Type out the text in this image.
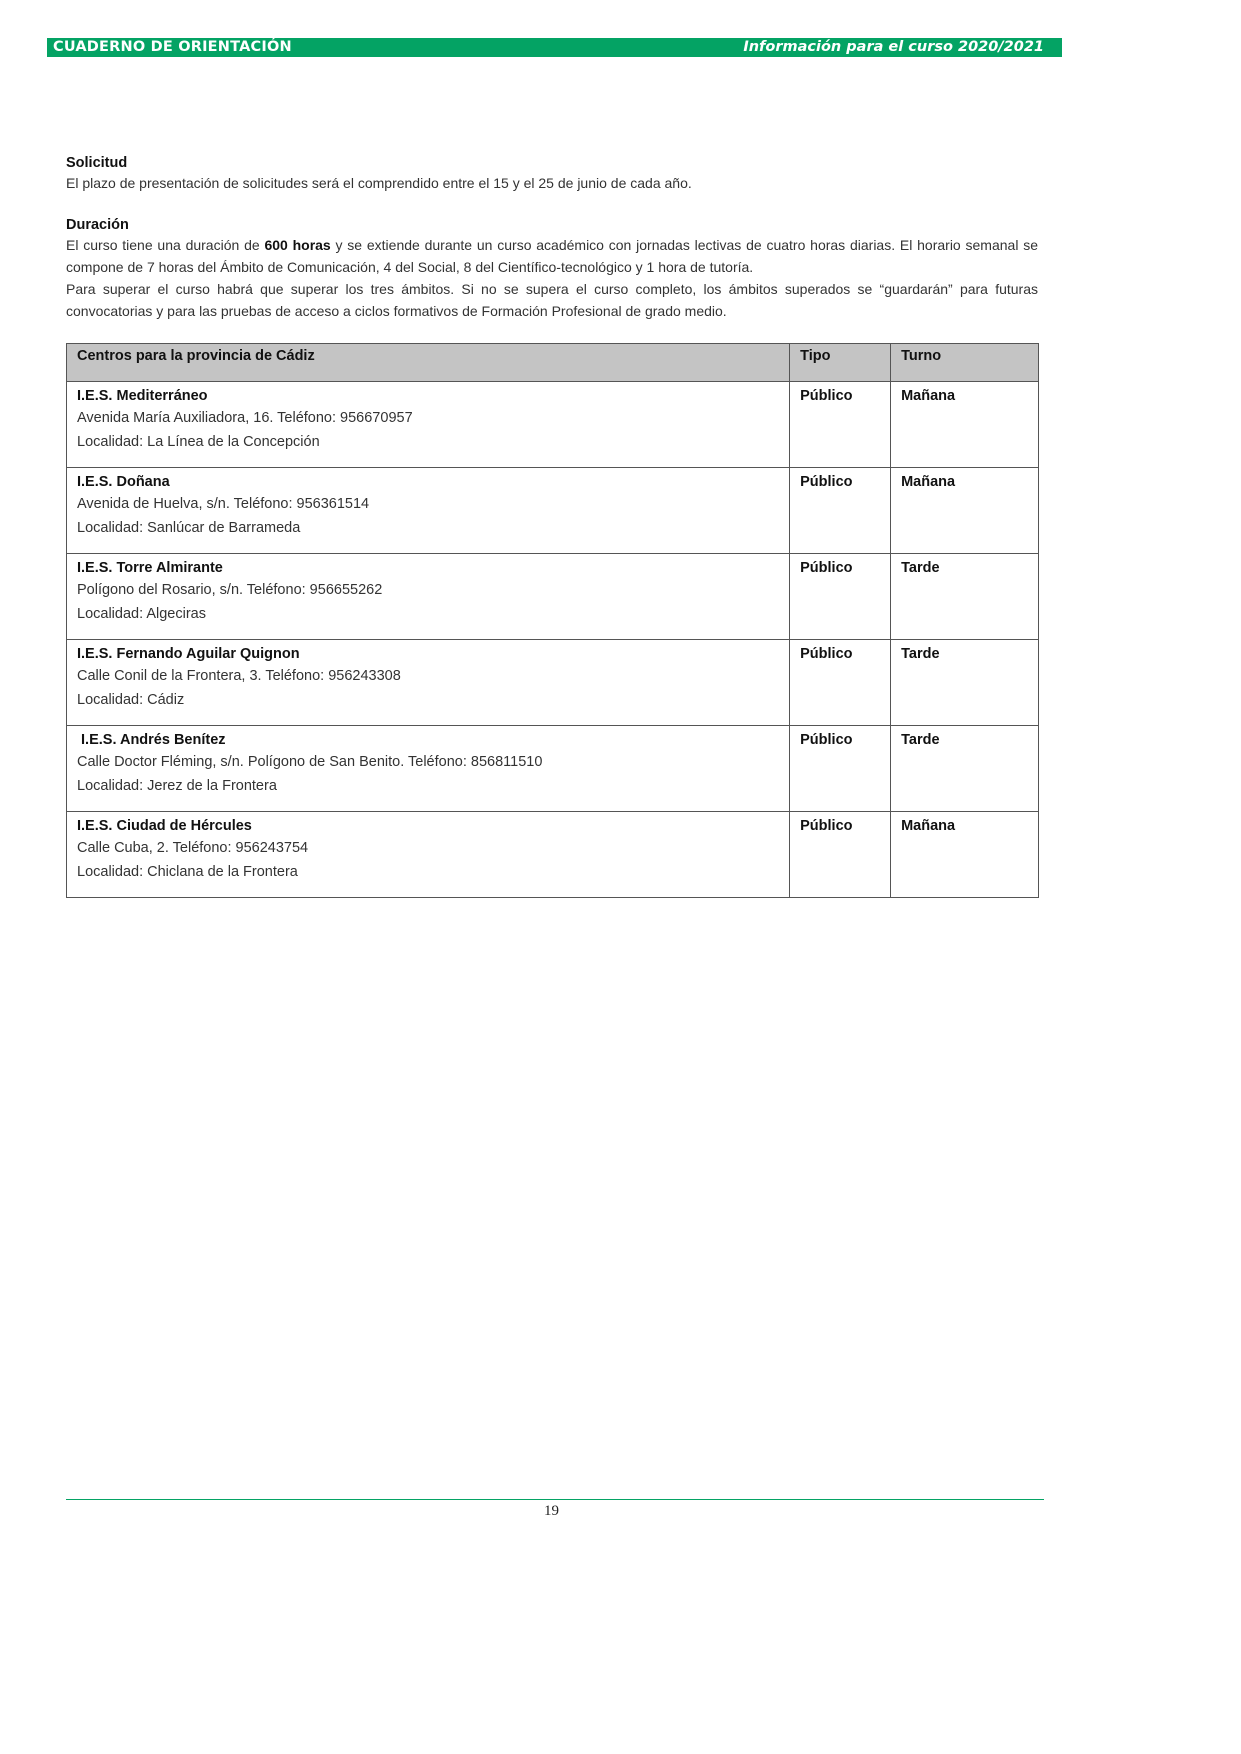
CUADERNO DE ORIENTACIÓN	Información para el curso 2020/2021

Solicitud

El plazo de presentación de solicitudes será el comprendido entre el 15 y el 25 de junio de cada año.

Duración

El curso tiene una duración de 600 horas y se extiende durante un curso académico con jornadas lectivas de cuatro horas diarias. El horario semanal se compone de 7 horas del Ámbito de Comunicación, 4 del Social, 8 del Científico-tecnológico y 1 hora de tutoría.

Para superar el curso habrá que superar los tres ámbitos. Si no se supera el curso completo, los ámbitos superados se “guardarán” para futuras convocatorias y para las pruebas de acceso a ciclos formativos de Formación Profesional de grado medio.

Centros para la provincia de Cádiz	Tipo	Turno

I.E.S. Mediterráneo
Avenida María Auxiliadora, 16. Teléfono: 956670957
Localidad: La Línea de la Concepción	Público	Mañana

I.E.S. Doñana
Avenida de Huelva, s/n. Teléfono: 956361514
Localidad: Sanlúcar de Barrameda	Público	Mañana

I.E.S. Torre Almirante
Polígono del Rosario, s/n. Teléfono: 956655262
Localidad: Algeciras	Público	Tarde

I.E.S. Fernando Aguilar Quignon
Calle Conil de la Frontera, 3. Teléfono: 956243308
Localidad: Cádiz	Público	Tarde

I.E.S. Andrés Benítez
Calle Doctor Fléming, s/n. Polígono de San Benito. Teléfono: 856811510
Localidad: Jerez de la Frontera	Público	Tarde

I.E.S. Ciudad de Hércules
Calle Cuba, 2. Teléfono: 956243754
Localidad: Chiclana de la Frontera	Público	Mañana
19
